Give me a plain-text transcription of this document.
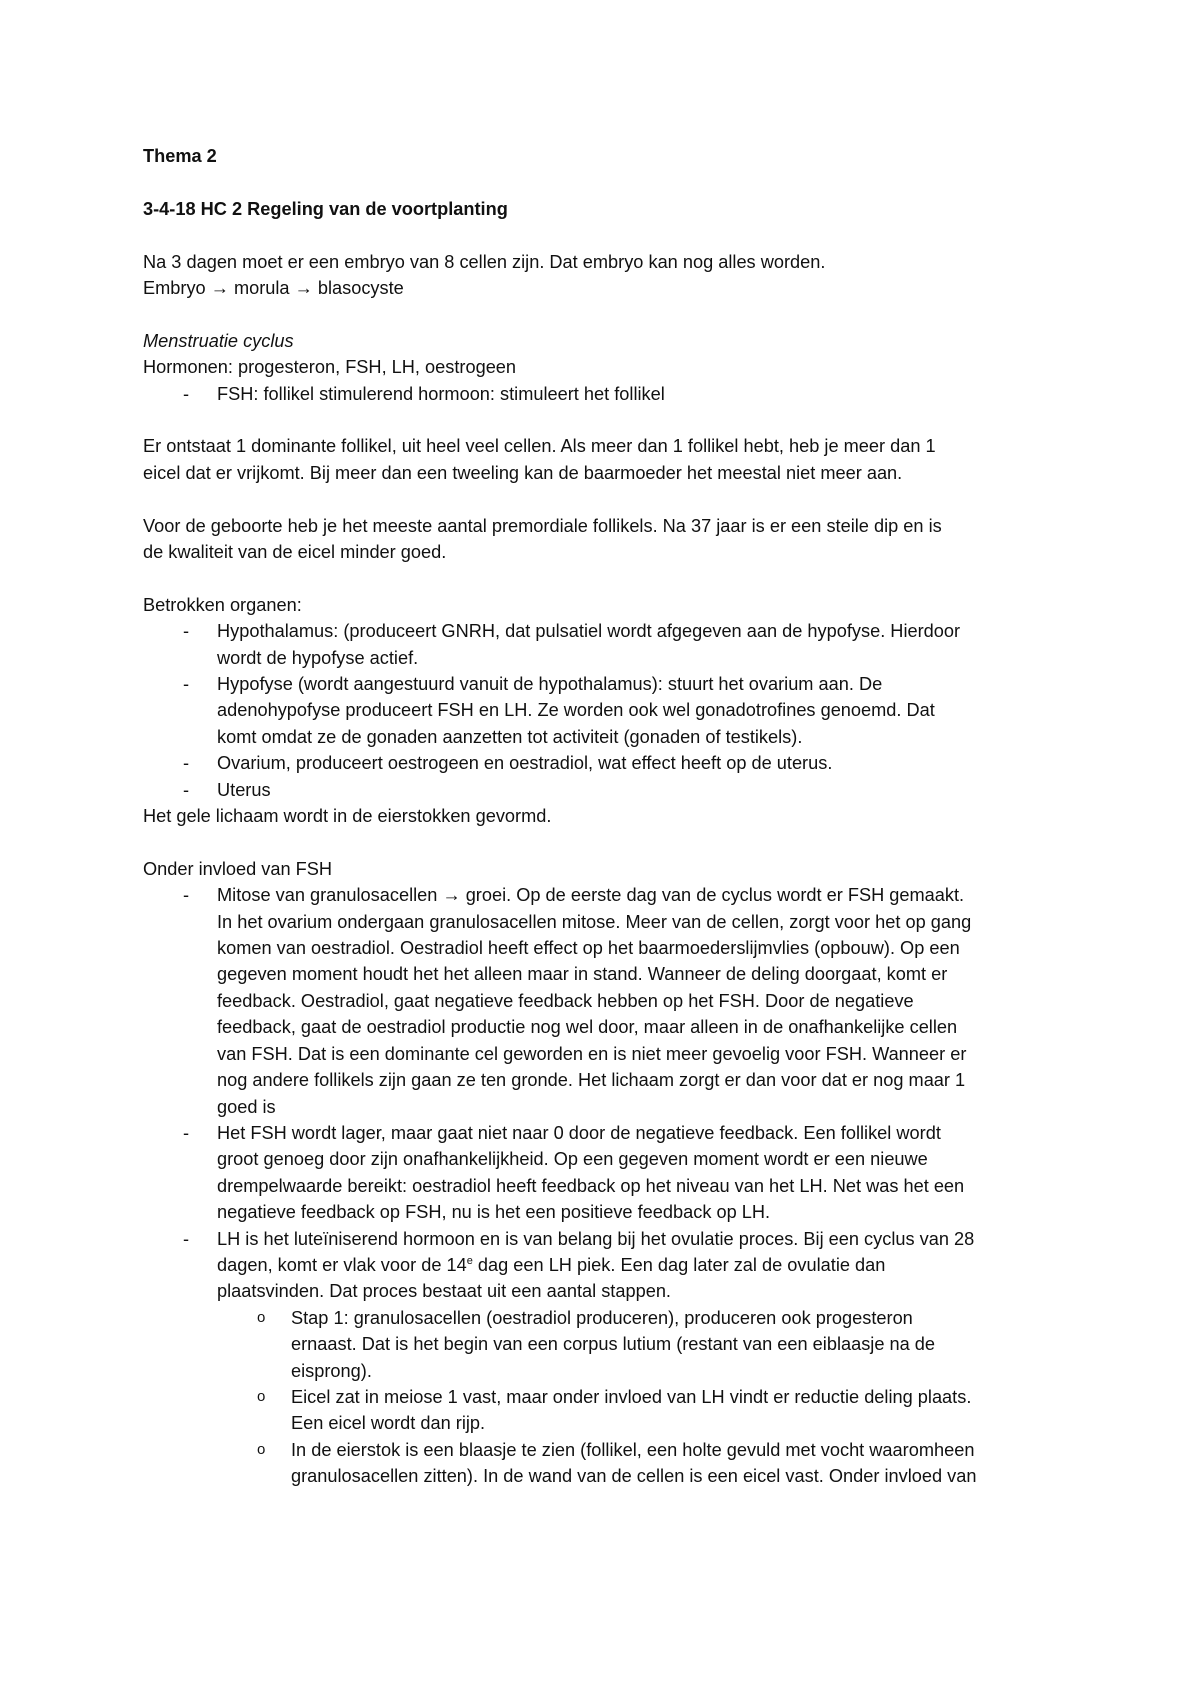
Thema 2
3-4-18 HC 2 Regeling van de voortplanting
Na 3 dagen moet er een embryo van 8 cellen zijn. Dat embryo kan nog alles worden.
Embryo → morula → blasocyste
Menstruatie cyclus
Hormonen: progesteron, FSH, LH, oestrogeen
- FSH: follikel stimulerend hormoon: stimuleert het follikel
Er ontstaat 1 dominante follikel, uit heel veel cellen. Als meer dan 1 follikel hebt, heb je meer dan 1
eicel dat er vrijkomt. Bij meer dan een tweeling kan de baarmoeder het meestal niet meer aan.
Voor de geboorte heb je het meeste aantal premordiale follikels. Na 37 jaar is er een steile dip en is
de kwaliteit van de eicel minder goed.
Betrokken organen:
- Hypothalamus: (produceert GNRH, dat pulsatiel wordt afgegeven aan de hypofyse. Hierdoor
wordt de hypofyse actief.
- Hypofyse (wordt aangestuurd vanuit de hypothalamus): stuurt het ovarium aan. De
adenohypofyse produceert FSH en LH. Ze worden ook wel gonadotrofines genoemd. Dat
komt omdat ze de gonaden aanzetten tot activiteit (gonaden of testikels).
- Ovarium, produceert oestrogeen en oestradiol, wat effect heeft op de uterus.
- Uterus
Het gele lichaam wordt in de eierstokken gevormd.
Onder invloed van FSH
- Mitose van granulosacellen → groei. Op de eerste dag van de cyclus wordt er FSH gemaakt.
In het ovarium ondergaan granulosacellen mitose. Meer van de cellen, zorgt voor het op gang
komen van oestradiol. Oestradiol heeft effect op het baarmoederslijmvlies (opbouw). Op een
gegeven moment houdt het het alleen maar in stand. Wanneer de deling doorgaat, komt er
feedback. Oestradiol, gaat negatieve feedback hebben op het FSH. Door de negatieve
feedback, gaat de oestradiol productie nog wel door, maar alleen in de onafhankelijke cellen
van FSH. Dat is een dominante cel geworden en is niet meer gevoelig voor FSH. Wanneer er
nog andere follikels zijn gaan ze ten gronde. Het lichaam zorgt er dan voor dat er nog maar 1
goed is
- Het FSH wordt lager, maar gaat niet naar 0 door de negatieve feedback. Een follikel wordt
groot genoeg door zijn onafhankelijkheid. Op een gegeven moment wordt er een nieuwe
drempelwaarde bereikt: oestradiol heeft feedback op het niveau van het LH. Net was het een
negatieve feedback op FSH, nu is het een positieve feedback op LH.
- LH is het luteïniserend hormoon en is van belang bij het ovulatie proces. Bij een cyclus van 28
dagen, komt er vlak voor de 14e dag een LH piek. Een dag later zal de ovulatie dan
plaatsvinden. Dat proces bestaat uit een aantal stappen.
o Stap 1: granulosacellen (oestradiol produceren), produceren ook progesteron
ernaast. Dat is het begin van een corpus lutium (restant van een eiblaasje na de
eisprong).
o Eicel zat in meiose 1 vast, maar onder invloed van LH vindt er reductie deling plaats.
Een eicel wordt dan rijp.
o In de eierstok is een blaasje te zien (follikel, een holte gevuld met vocht waaromheen
granulosacellen zitten). In de wand van de cellen is een eicel vast. Onder invloed van
